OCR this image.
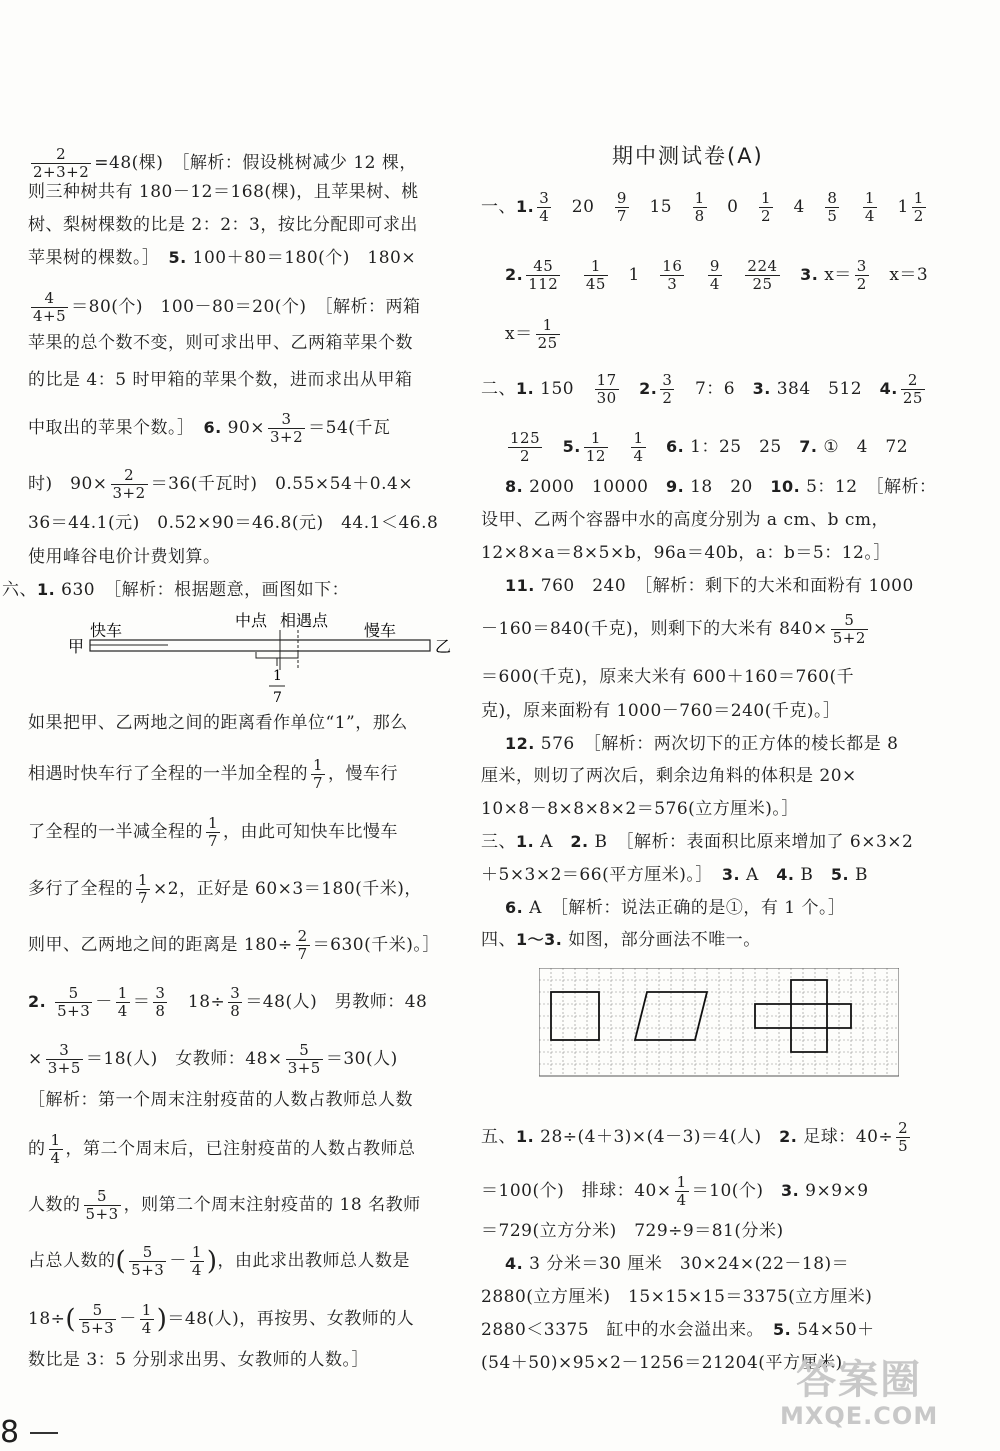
$\frac{2}{2+3+2} =48$(棵)　［解析：假设桃树减少 12 棵，
则三种树共有 180－12＝168(棵)，且苹果树、桃
树、梨树棵数的比是 2：2：3，按比分配即可求出
苹果树的棵数。］　5. 100＋80＝180(个)　180×
$\frac{4}{4+5} =80$(个)　100－80＝20(个)　［解析：两箱
苹果的总个数不变，则可求出甲、乙两箱苹果个数
的比是 4：5 时甲箱的苹果个数，进而求出从甲箱
中取出的苹果个数。］　6. $90\times \frac{3}{3+2} =54$(千瓦
时)　$90\times \frac{2}{3+2} =36$(千瓦时)　0.55×54＋0.4×
36＝44.1(元)　0.52×90＝46.8(元)　44.1＜46.8
使用峰谷电价计费划算。
六、1. 630　［解析：根据题意，画图如下：
甲
快车
中点 相遇点
慢车
乙
1
7
如果把甲、乙两地之间的距离看作单位“1”，那么
相遇时快车行了全程的一半加全程的 $\frac{1}{7}$ ，慢车行
了全程的一半减全程的 $\frac{1}{7}$ ，由此可知快车比慢车
多行了全程的 $\frac{1}{7} \times 2$，正好是 60×3＝180(千米)，
则甲、乙两地之间的距离是 $180\div \frac{2}{7} =630$(千米)。］
2. $\frac{5}{5+3} - \frac{1}{4} = \frac{3}{8}$ 　$18\div \frac{3}{8} =48$(人)　男教师：48
× $\frac{3}{3+5} =18$(人)　女教师：$48\times \frac{5}{3+5} =30$(人)
［解析：第一个周末注射疫苗的人数占教师总人数
的 $\frac{1}{4}$ ，第二个周末后，已注射疫苗的人数占教师总
人数的 $\frac{5}{5+3}$ ，则第二个周末注射疫苗的 18 名教师
占总人数的( $\frac{5}{5+3} - \frac{1}{4}$ )，由此求出教师总人数是
$18\div( \frac{5}{5+3} - \frac{1}{4} )=48$(人)，再按男、女教师的人
数比是 3：5 分别求出男、女教师的人数。］
期中测试卷(A)
一、1. $\frac{3}{4}$
　 20　 $\frac{9}{7}$
　 15　 $\frac{1}{8}$
　 0　 $\frac{1}{2}$
　 4　 $\frac{8}{5}$
　 $\frac{1}{4}$
　 $1 \frac{1}{2}$
2. $\frac{45}{112}$
　 $\frac{1}{45}$
　 1　 $\frac{16}{3}$
　 $\frac{9}{4}$
　 $\frac{224}{25}$
　 3. $x= \frac{3}{2}$
　 x＝3
$x= \frac{1}{25}$
二、1. 150　 $\frac{17}{30}$
　 2. $\frac{3}{2}$
　 7：6　 3. 384　512　 4. $\frac{2}{25}$
$\frac{125}{2}$
　 5. $\frac{1}{12}$
　 $\frac{1}{4}$
　 6. 1：25　25　 7. ①　4　72
8. 2000　10000　9. 18　20　10. 5：12　［解析：
设甲、乙两个容器中水的高度分别为 a cm、b cm，
12×8×a＝8×5×b，96a＝40b，a：b＝5：12。］
11. 760　240　［解析：剩下的大米和面粉有 1000
－160＝840(千克)，则剩下的大米有 $840\times \frac{5}{5+2}$
＝600(千克)，原来大米有 600＋160＝760(千
克)，原来面粉有 1000－760＝240(千克)。］
12. 576　［解析：两次切下的正方体的棱长都是 8
厘米，则切了两次后，剩余边角料的体积是 20×
10×8－8×8×8×2＝576(立方厘米)。］
三、1. A　2. B　［解析：表面积比原来增加了 6×3×2
＋5×3×2＝66(平方厘米)。］　3. A　4. B　5. B
6. A　［解析：说法正确的是①，有 1 个。］
四、1～3. 如图，部分画法不唯一。
五、1. 28÷(4＋3)×(4－3)＝4(人)　2. 足球：$40\div \frac{2}{5}$
＝100(个)　排球：$40\times \frac{1}{4} =10$(个)　3. 9×9×9
＝729(立方分米)　729÷9＝81(分米)
4. 3 分米＝30 厘米　30×24×(22－18)＝
2880(立方厘米)　15×15×15＝3375(立方厘米)
2880＜3375　缸中的水会溢出来。　5. 54×50＋
(54＋50)×95×2－1256＝21204(平方厘米)
8
答案圈
MXQE.COM
